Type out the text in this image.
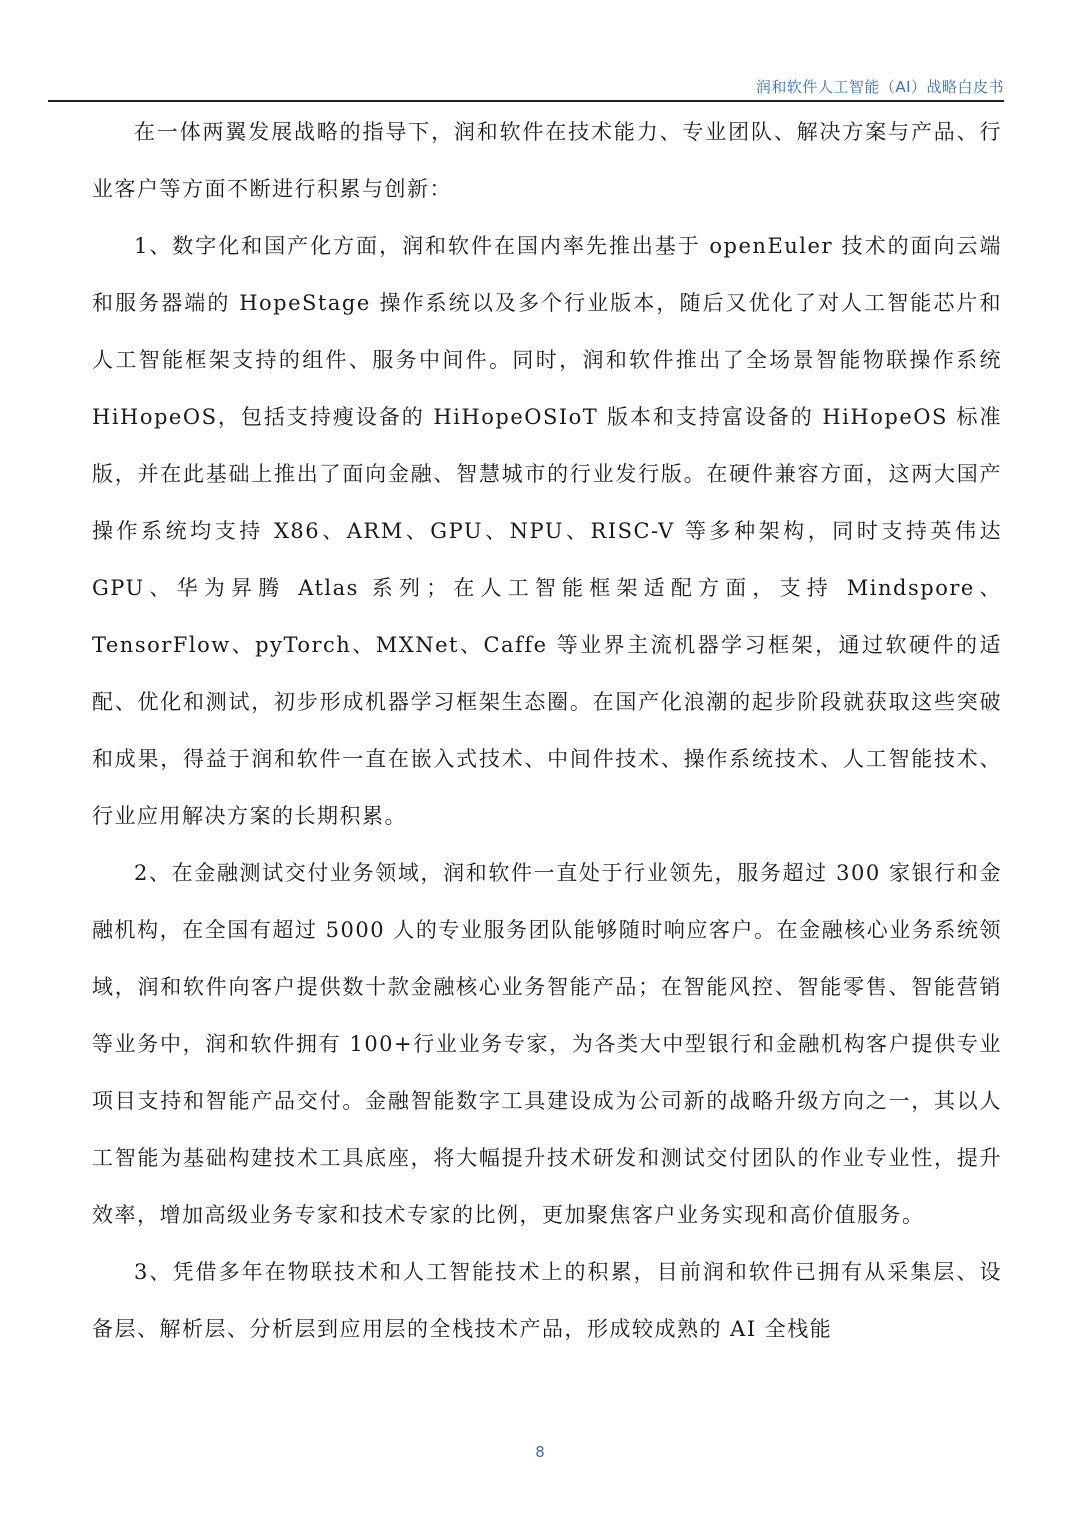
润和软件人工智能（AI）战略白皮书

在一体两翼发展战略的指导下，润和软件在技术能力、专业团队、解决方案与产品、行业客户等方面不断进行积累与创新：

1、数字化和国产化方面，润和软件在国内率先推出基于 openEuler 技术的面向云端和服务器端的 HopeStage 操作系统以及多个行业版本，随后又优化了对人工智能芯片和人工智能框架支持的组件、服务中间件。同时，润和软件推出了全场景智能物联操作系统 HiHopeOS，包括支持瘦设备的 HiHopeOSIoT 版本和支持富设备的 HiHopeOS 标准版，并在此基础上推出了面向金融、智慧城市的行业发行版。在硬件兼容方面，这两大国产操作系统均支持 X86、ARM、GPU、NPU、RISC-V 等多种架构，同时支持英伟达 GPU、华为昇腾 Atlas 系列；在人工智能框架适配方面，支持 Mindspore、TensorFlow、pyTorch、MXNet、Caffe 等业界主流机器学习框架，通过软硬件的适配、优化和测试，初步形成机器学习框架生态圈。在国产化浪潮的起步阶段就获取这些突破和成果，得益于润和软件一直在嵌入式技术、中间件技术、操作系统技术、人工智能技术、行业应用解决方案的长期积累。

2、在金融测试交付业务领域，润和软件一直处于行业领先，服务超过 300 家银行和金融机构，在全国有超过 5000 人的专业服务团队能够随时响应客户。在金融核心业务系统领域，润和软件向客户提供数十款金融核心业务智能产品；在智能风控、智能零售、智能营销等业务中，润和软件拥有 100+行业业务专家，为各类大中型银行和金融机构客户提供专业项目支持和智能产品交付。金融智能数字工具建设成为公司新的战略升级方向之一，其以人工智能为基础构建技术工具底座，将大幅提升技术研发和测试交付团队的作业专业性，提升效率，增加高级业务专家和技术专家的比例，更加聚焦客户业务实现和高价值服务。

3、凭借多年在物联技术和人工智能技术上的积累，目前润和软件已拥有从采集层、设备层、解析层、分析层到应用层的全栈技术产品，形成较成熟的 AI 全栈能

8
